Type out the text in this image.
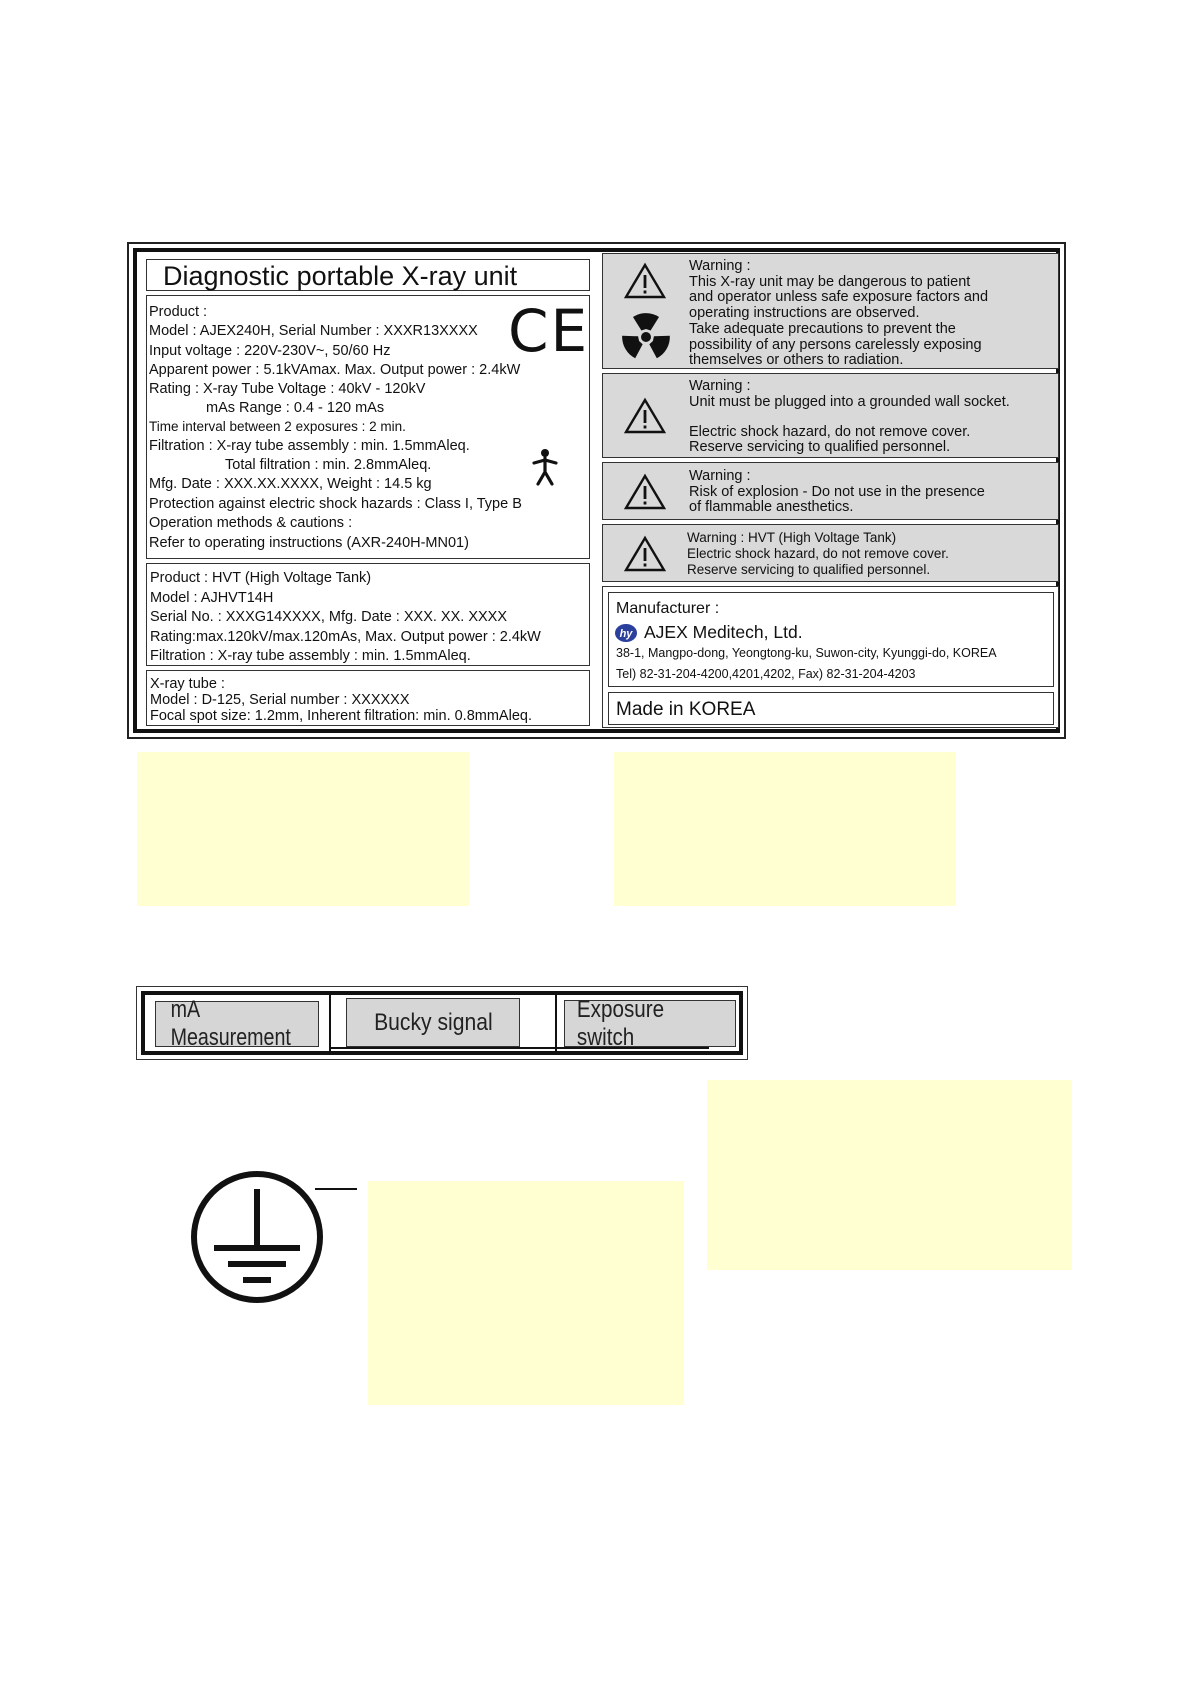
Diagnostic portable X-ray unit
Product :
Model : AJEX240H, Serial Number : XXXR13XXXX
Input voltage : 220V-230V~, 50/60 Hz
Apparent power : 5.1kVAmax. Max. Output power : 2.4kW
Rating : X-ray Tube Voltage : 40kV - 120kV
mAs Range : 0.4 - 120 mAs
Time interval between 2 exposures : 2 min.
Filtration : X-ray tube assembly : min. 1.5mmAleq.
Total filtration : min. 2.8mmAleq.
Mfg. Date : XXX.XX.XXXX, Weight : 14.5 kg
Protection against electric shock hazards : Class I, Type B
Operation methods & cautions :
Refer to operating instructions (AXR-240H-MN01)
CE
Product : HVT (High Voltage Tank)
Model : AJHVT14H
Serial No. : XXXG14XXXX, Mfg. Date : XXX. XX. XXXX
Rating:max.120kV/max.120mAs, Max. Output power : 2.4kW
Filtration : X-ray tube assembly : min. 1.5mmAleq.
X-ray tube :
Model : D-125, Serial number : XXXXXX
Focal spot size: 1.2mm, Inherent filtration: min. 0.8mmAleq.
Warning :
This X-ray unit may be dangerous to patient
and operator unless safe exposure factors and
operating instructions are observed.
Take adequate precautions to prevent the
possibility of any persons carelessly exposing
themselves or others to radiation.
Warning :
Unit must be plugged into a grounded wall socket.
Electric shock hazard, do not remove cover.
Reserve servicing to qualified personnel.
Warning :
Risk of explosion - Do not use in the presence
of flammable anesthetics.
Warning : HVT (High Voltage Tank)
Electric shock hazard, do not remove cover.
Reserve servicing to qualified personnel.
Manufacturer :
hy AJEX Meditech, Ltd.
38-1, Mangpo-dong, Yeongtong-ku, Suwon-city, Kyunggi-do, KOREA
Tel) 82-31-204-4200,4201,4202, Fax) 82-31-204-4203
Made in KOREA
mA Measurement
Bucky signal	Exposure switch
